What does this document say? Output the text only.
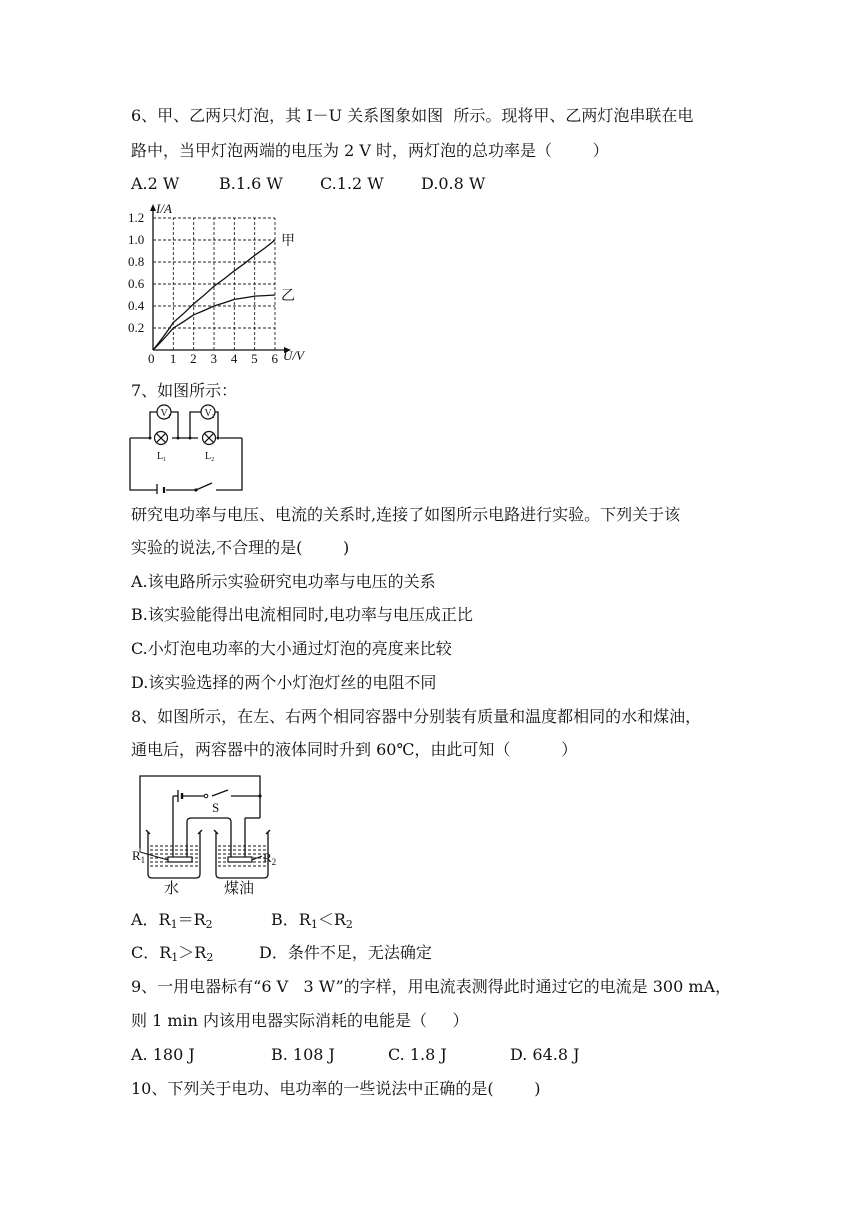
6、甲、乙两只灯泡，其 I－U 关系图象如图  所示。现将甲、乙两灯泡串联在电
路中，当甲灯泡两端的电压为 2 V 时，两灯泡的总功率是（        ）
A.2 W B.1.6 W C.1.2 W D.0.8 W
0 1 2 3 4 5 6
0.2
0.4
0.6
0.8
1.0
1.2
I/A
U/V
甲
乙
7、如图所示：
$V_1$	$V_2$
$L_1$	$L_2$
研究电功率与电压、电流的关系时,连接了如图所示电路进行实验。下列关于该
实验的说法,不合理的是(        )
A.该电路所示实验研究电功率与电压的关系
B.该实验能得出电流相同时,电功率与电压成正比
C.小灯泡电功率的大小通过灯泡的亮度来比较
D.该实验选择的两个小灯泡灯丝的电阻不同
8、如图所示，在左、右两个相同容器中分别装有质量和温度都相同的水和煤油，
通电后，两容器中的液体同时升到 60℃，由此可知（          ）
S
$R_1$	$R_2$
水	煤油
A．$R_1=R_2$	B．$R_1<R_2$
C．$R_1>R_2$	D．条件不足，无法确定
9、一用电器标有“6 V   3 W”的字样，用电流表测得此时通过它的电流是 300 mA，
则 1 min 内该用电器实际消耗的电能是（     ）
A. 180 J	B. 108 J	C. 1.8 J	D. 64.8 J
10、下列关于电功、电功率的一些说法中正确的是(        )
